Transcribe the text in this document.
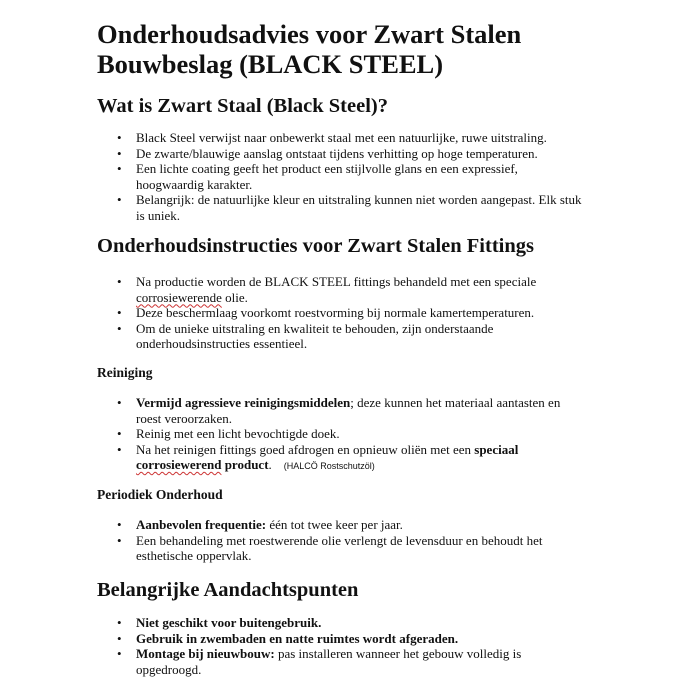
Onderhoudsadvies voor Zwart Stalen
Bouwbeslag (BLACK STEEL)
Wat is Zwart Staal (Black Steel)?
• Black Steel verwijst naar onbewerkt staal met een natuurlijke, ruwe uitstraling.
• De zwarte/blauwige aanslag ontstaat tijdens verhitting op hoge temperaturen.
• Een lichte coating geeft het product een stijlvolle glans en een expressief, hoogwaardig karakter.
• Belangrijk: de natuurlijke kleur en uitstraling kunnen niet worden aangepast. Elk stuk is uniek.
Onderhoudsinstructies voor Zwart Stalen Fittings
• Na productie worden de BLACK STEEL fittings behandeld met een speciale corrosiewerende olie.
• Deze beschermlaag voorkomt roestvorming bij normale kamertemperaturen.
• Om de unieke uitstraling en kwaliteit te behouden, zijn onderstaande onderhoudsinstructies essentieel.
Reiniging
• Vermijd agressieve reinigingsmiddelen; deze kunnen het materiaal aantasten en roest veroorzaken.
• Reinig met een licht bevochtigde doek.
• Na het reinigen fittings goed afdrogen en opnieuw oliën met een speciaal corrosiewerend product. (HALCÖ Rostschutzöl)
Periodiek Onderhoud
• Aanbevolen frequentie: één tot twee keer per jaar.
• Een behandeling met roestwerende olie verlengt de levensduur en behoudt het esthetische oppervlak.
Belangrijke Aandachtspunten
• Niet geschikt voor buitengebruik.
• Gebruik in zwembaden en natte ruimtes wordt afgeraden.
• Montage bij nieuwbouw: pas installeren wanneer het gebouw volledig is opgedroogd.
